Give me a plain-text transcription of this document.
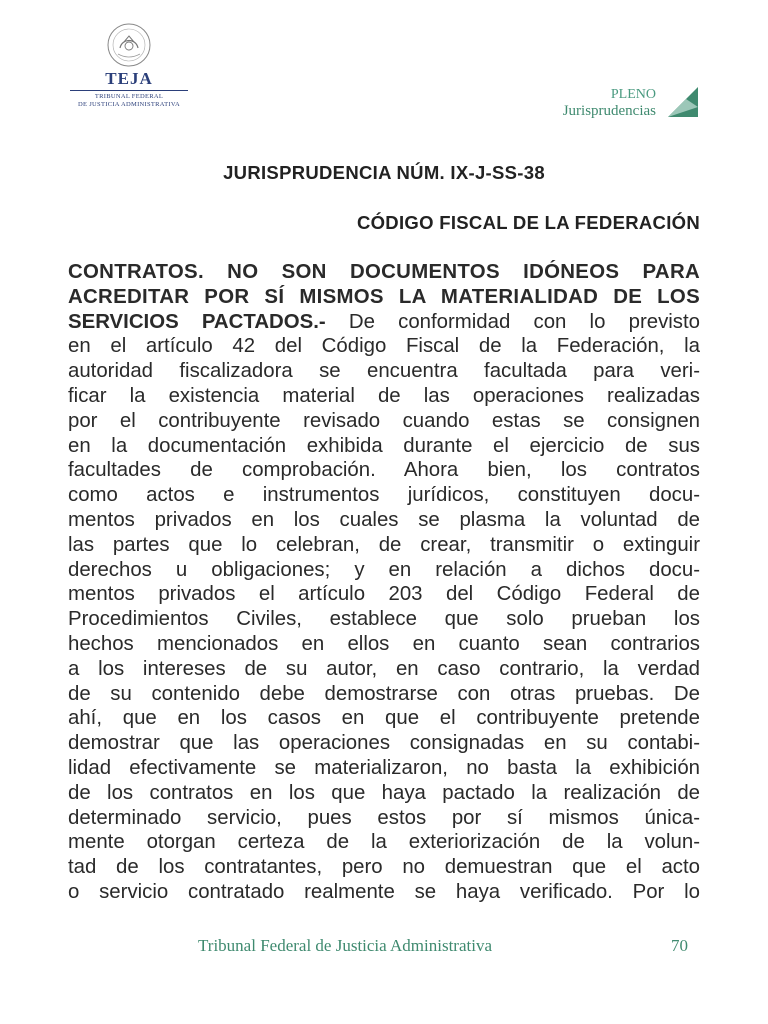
TEJA
TRIBUNAL FEDERAL
DE JUSTICIA ADMINISTRATIVA
PLENO
Jurisprudencias
JURISPRUDENCIA NÚM. IX-J-SS-38
CÓDIGO FISCAL DE LA FEDERACIÓN
CONTRATOS. NO SON DOCUMENTOS IDÓNEOS PARA
ACREDITAR POR SÍ MISMOS LA MATERIALIDAD DE LOS
SERVICIOS PACTADOS.- De conformidad con lo previsto
en el artículo 42 del Código Fiscal de la Federación, la
autoridad fiscalizadora se encuentra facultada para veri-
ficar la existencia material de las operaciones realizadas
por el contribuyente revisado cuando estas se consignen
en la documentación exhibida durante el ejercicio de sus
facultades de comprobación. Ahora bien, los contratos
como actos e instrumentos jurídicos, constituyen docu-
mentos privados en los cuales se plasma la voluntad de
las partes que lo celebran, de crear, transmitir o extinguir
derechos u obligaciones; y en relación a dichos docu-
mentos privados el artículo 203 del Código Federal de
Procedimientos Civiles, establece que solo prueban los
hechos mencionados en ellos en cuanto sean contrarios
a los intereses de su autor, en caso contrario, la verdad
de su contenido debe demostrarse con otras pruebas. De
ahí, que en los casos en que el contribuyente pretende
demostrar que las operaciones consignadas en su contabi-
lidad efectivamente se materializaron, no basta la exhibición
de los contratos en los que haya pactado la realización de
determinado servicio, pues estos por sí mismos única-
mente otorgan certeza de la exteriorización de la volun-
tad de los contratantes, pero no demuestran que el acto
o servicio contratado realmente se haya verificado. Por lo
Tribunal Federal de Justicia Administrativa	70
